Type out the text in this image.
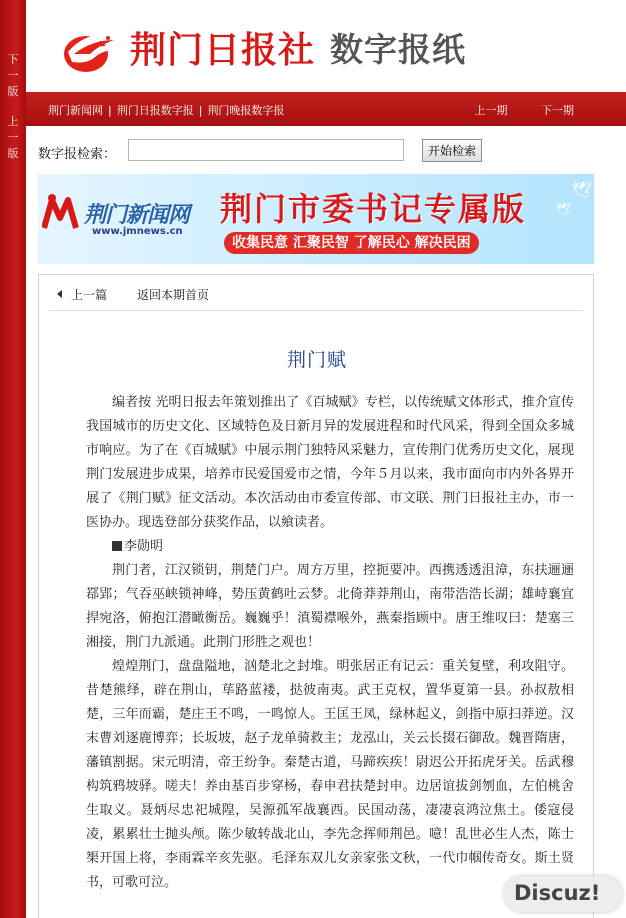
下
一
版
上
一
版
荆门日报社 数字报纸
荆门新闻网 | 荆门日报数字报 | 荆门晚报数字报	上一期	下一期
数字报检索：	开始检索
荆门新闻网
www.jmnews.cn
荆门市委书记专属版
收集民意 汇聚民智 了解民心 解决民困
🕊
🕊
上一篇 返回本期首页
荆门赋

编者按 光明日报去年策划推出了《百城赋》专栏，以传统赋文体形式，推介宣传我国城市的历史文化、区域特色及日新月异的发展进程和时代风采，得到全国众多城市响应。为了在《百城赋》中展示荆门独特风采魅力，宣传荆门优秀历史文化，展现荆门发展进步成果，培养市民爱国爱市之情，今年５月以来，我市面向市内外各界开展了《荆门赋》征文活动。本次活动由市委宣传部、市文联、荆门日报社主办，市一医协办。现选登部分获奖作品，以飨读者。

李勋明

荆门者，江汉锁钥，荆楚门户。周方万里，控扼要冲。西携透透沮漳，东扶逦逦鄀郢；气吞巫峡锁神峰，势压黄鹤吐云梦。北倚莽莽荆山，南带浩浩长湖；雄峙襄宜捍宛洛，俯抱江潜瞰衡岳。巍巍乎！滇蜀襟喉外，燕秦指顾中。唐王维叹曰：楚塞三湘接，荆门九派通。此荆门形胜之观也！

煌煌荆门，盘盘隘地，汹楚北之封堆。明张居正有记云：重关复壁，利攻阻守。昔楚熊绎，辟在荆山，荜路蓝褛，挞彼南夷。武王克权，置华夏第一县。孙叔敖相楚，三年而霸，楚庄王不鸣，一鸣惊人。王匡王凤，绿林起义，剑指中原扫莽逆。汉末曹刘逐鹿博弈；长坂坡，赵子龙单骑救主；龙泓山，关云长掇石御敌。魏晋隋唐，藩镇割据。宋元明清，帝王纷争。秦楚古道，马蹄疾疾！尉迟公开拓虎牙关。岳武穆构筑鸦坡驿。嗟夫！养由基百步穿杨，春申君扶楚封申。边居谊拔剑刎血，左伯桃舍生取义。聂炳尽忠祀城隍，吴源孤军战襄西。民国动荡，凄凄哀鸿泣焦土。倭寇侵凌，累累壮士抛头颅。陈少敏转战北山，李先念挥师荆邑。噫！乱世必生人杰，陈士榘开国上将，李雨霖辛亥先驱。毛泽东双儿女亲家张文秋，一代巾帼传奇女。斯土贤书，可歌可泣。	Discuz!
